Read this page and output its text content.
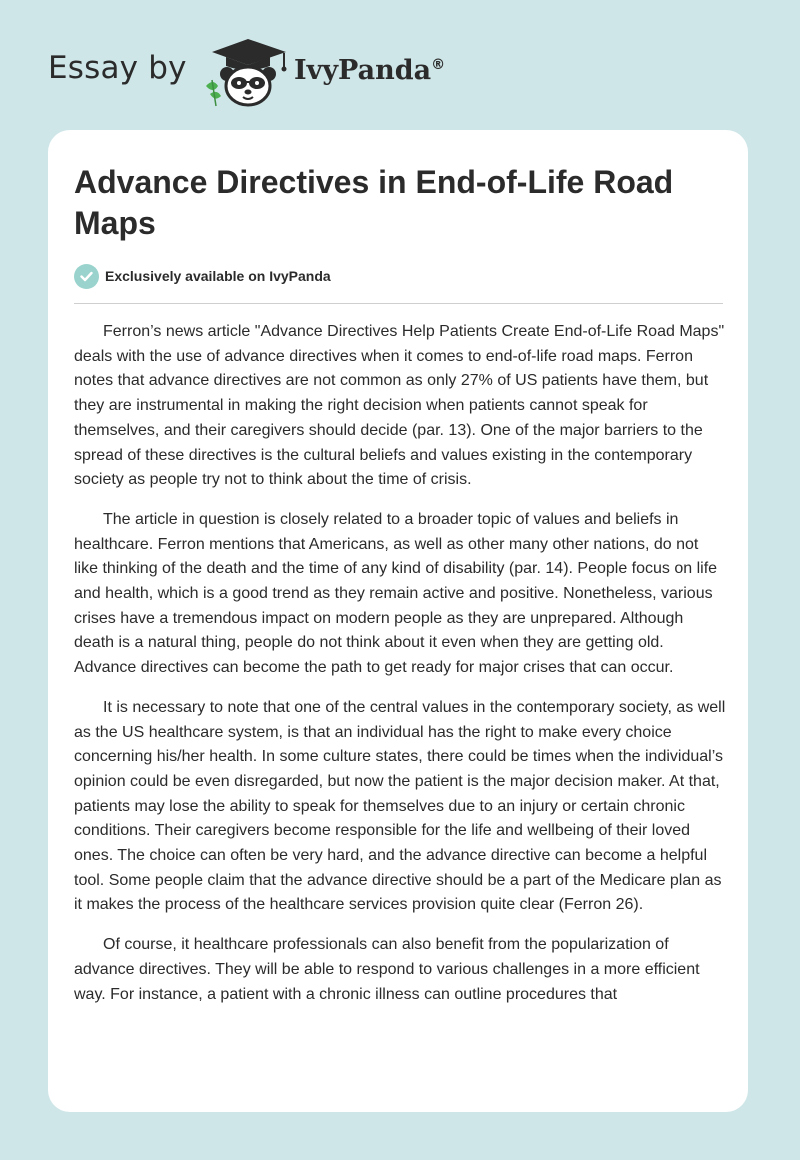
Essay by	IvyPanda®
Advance Directives in End-of-Life Road Maps
Exclusively available on IvyPanda

Ferron’s news article "Advance Directives Help Patients Create End-of-Life Road Maps" deals with the use of advance directives when it comes to end-of-life road maps. Ferron notes that advance directives are not common as only 27% of US patients have them, but they are instrumental in making the right decision when patients cannot speak for themselves, and their caregivers should decide (par. 13). One of the major barriers to the spread of these directives is the cultural beliefs and values existing in the contemporary society as people try not to think about the time of crisis.

The article in question is closely related to a broader topic of values and beliefs in healthcare. Ferron mentions that Americans, as well as other many other nations, do not like thinking of the death and the time of any kind of disability (par. 14). People focus on life and health, which is a good trend as they remain active and positive. Nonetheless, various crises have a tremendous impact on modern people as they are unprepared. Although death is a natural thing, people do not think about it even when they are getting old. Advance directives can become the path to get ready for major crises that can occur.

It is necessary to note that one of the central values in the contemporary society, as well as the US healthcare system, is that an individual has the right to make every choice concerning his/her health. In some culture states, there could be times when the individual’s opinion could be even disregarded, but now the patient is the major decision maker. At that, patients may lose the ability to speak for themselves due to an injury or certain chronic conditions. Their caregivers become responsible for the life and wellbeing of their loved ones. The choice can often be very hard, and the advance directive can become a helpful tool. Some people claim that the advance directive should be a part of the Medicare plan as it makes the process of the healthcare services provision quite clear (Ferron 26).

Of course, it healthcare professionals can also benefit from the popularization of advance directives. They will be able to respond to various challenges in a more efficient way. For instance, a patient with a chronic illness can outline procedures that
